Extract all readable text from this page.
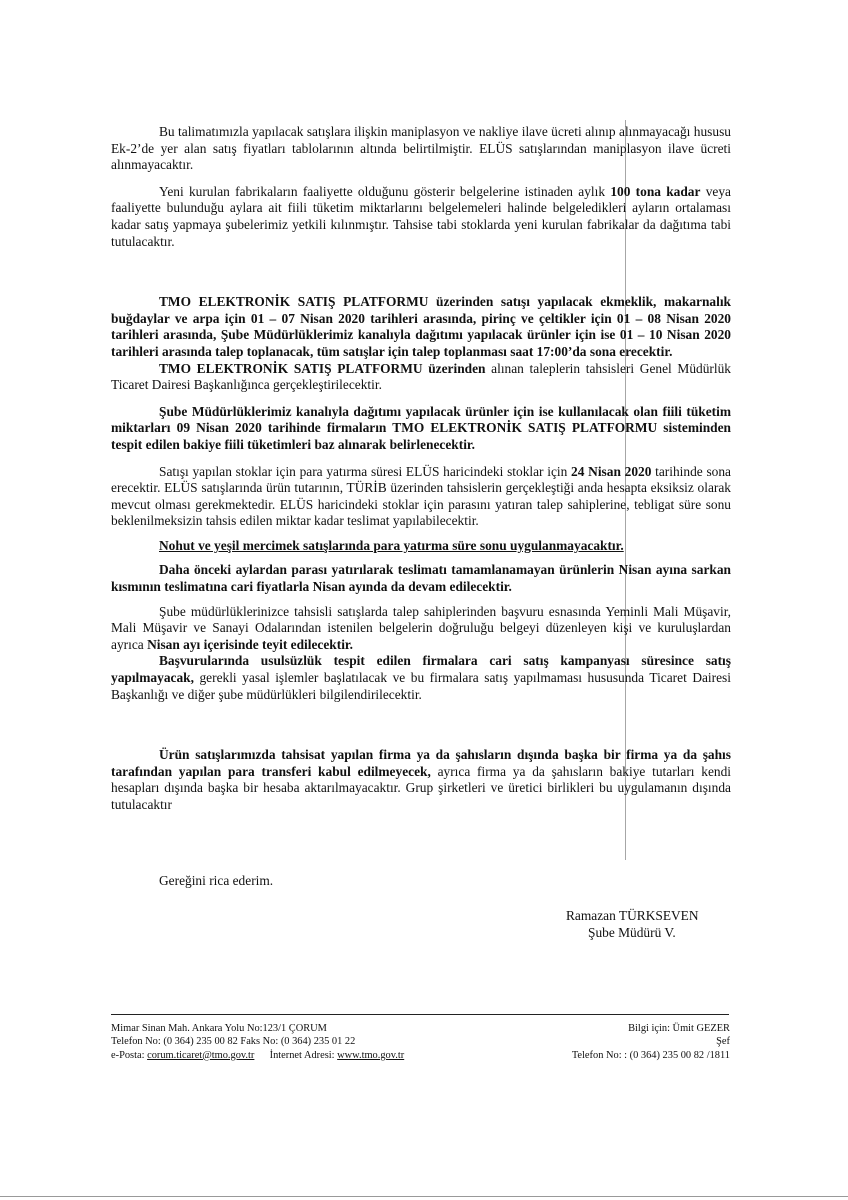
Bu talimatımızla yapılacak satışlara ilişkin maniplasyon ve nakliye ilave ücreti alınıp alınmayacağı hususu Ek-2’de yer alan satış fiyatları tablolarının altında belirtilmiştir. ELÜS satışlarından maniplasyon ilave ücreti alınmayacaktır.

Yeni kurulan fabrikaların faaliyette olduğunu gösterir belgelerine istinaden aylık 100 tona kadar veya faaliyette bulunduğu aylara ait fiili tüketim miktarlarını belgelemeleri halinde belgeledikleri ayların ortalaması kadar satış yapmaya şubelerimiz yetkili kılınmıştır. Tahsise tabi stoklarda yeni kurulan fabrikalar da dağıtıma tabi tutulacaktır.

TMO ELEKTRONİK SATIŞ PLATFORMU üzerinden satışı yapılacak ekmeklik, makarnalık buğdaylar ve arpa için 01 – 07 Nisan 2020 tarihleri arasında, pirinç ve çeltikler için 01 – 08 Nisan 2020 tarihleri arasında, Şube Müdürlüklerimiz kanalıyla dağıtımı yapılacak ürünler için ise 01 – 10 Nisan 2020 tarihleri arasında talep toplanacak, tüm satışlar için talep toplanması saat 17:00’da sona erecektir.

TMO ELEKTRONİK SATIŞ PLATFORMU üzerinden alınan taleplerin tahsisleri Genel Müdürlük Ticaret Dairesi Başkanlığınca gerçekleştirilecektir.

Şube Müdürlüklerimiz kanalıyla dağıtımı yapılacak ürünler için ise kullanılacak olan fiili tüketim miktarları 09 Nisan 2020 tarihinde firmaların TMO ELEKTRONİK SATIŞ PLATFORMU sisteminden tespit edilen bakiye fiili tüketimleri baz alınarak belirlenecektir.

Satışı yapılan stoklar için para yatırma süresi ELÜS haricindeki stoklar için 24 Nisan 2020 tarihinde sona erecektir. ELÜS satışlarında ürün tutarının, TÜRİB üzerinden tahsislerin gerçekleştiği anda hesapta eksiksiz olarak mevcut olması gerekmektedir. ELÜS haricindeki stoklar için parasını yatıran talep sahiplerine, tebligat süre sonu beklenilmeksizin tahsis edilen miktar kadar teslimat yapılabilecektir.

Nohut ve yeşil mercimek satışlarında para yatırma süre sonu uygulanmayacaktır.

Daha önceki aylardan parası yatırılarak teslimatı tamamlanamayan ürünlerin Nisan ayına sarkan kısmının teslimatına cari fiyatlarla Nisan ayında da devam edilecektir.

Şube müdürlüklerinizce tahsisli satışlarda talep sahiplerinden başvuru esnasında Yeminli Mali Müşavir, Mali Müşavir ve Sanayi Odalarından istenilen belgelerin doğruluğu belgeyi düzenleyen kişi ve kuruluşlardan ayrıca Nisan ayı içerisinde teyit edilecektir.

Başvurularında usulsüzlük tespit edilen firmalara cari satış kampanyası süresince satış yapılmayacak, gerekli yasal işlemler başlatılacak ve bu firmalara satış yapılmaması hususunda Ticaret Dairesi Başkanlığı ve diğer şube müdürlükleri bilgilendirilecektir.

Ürün satışlarımızda tahsisat yapılan firma ya da şahısların dışında başka bir firma ya da şahıs tarafından yapılan para transferi kabul edilmeyecek, ayrıca firma ya da şahısların bakiye tutarları kendi hesapları dışında başka bir hesaba aktarılmayacaktır. Grup şirketleri ve üretici birlikleri bu uygulamanın dışında tutulacaktır

Gereğini rica ederim.
Ramazan TÜRKSEVEN
Şube Müdürü V.
Mimar Sinan Mah. Ankara Yolu No:123/1 ÇORUM
Telefon No: (0 364) 235 00 82 Faks No: (0 364) 235 01 22
e-Posta: corum.ticaret@tmo.gov.tr İnternet Adresi: www.tmo.gov.tr
Bilgi için: Ümit GEZER
Şef
Telefon No: : (0 364) 235 00 82 /1811
